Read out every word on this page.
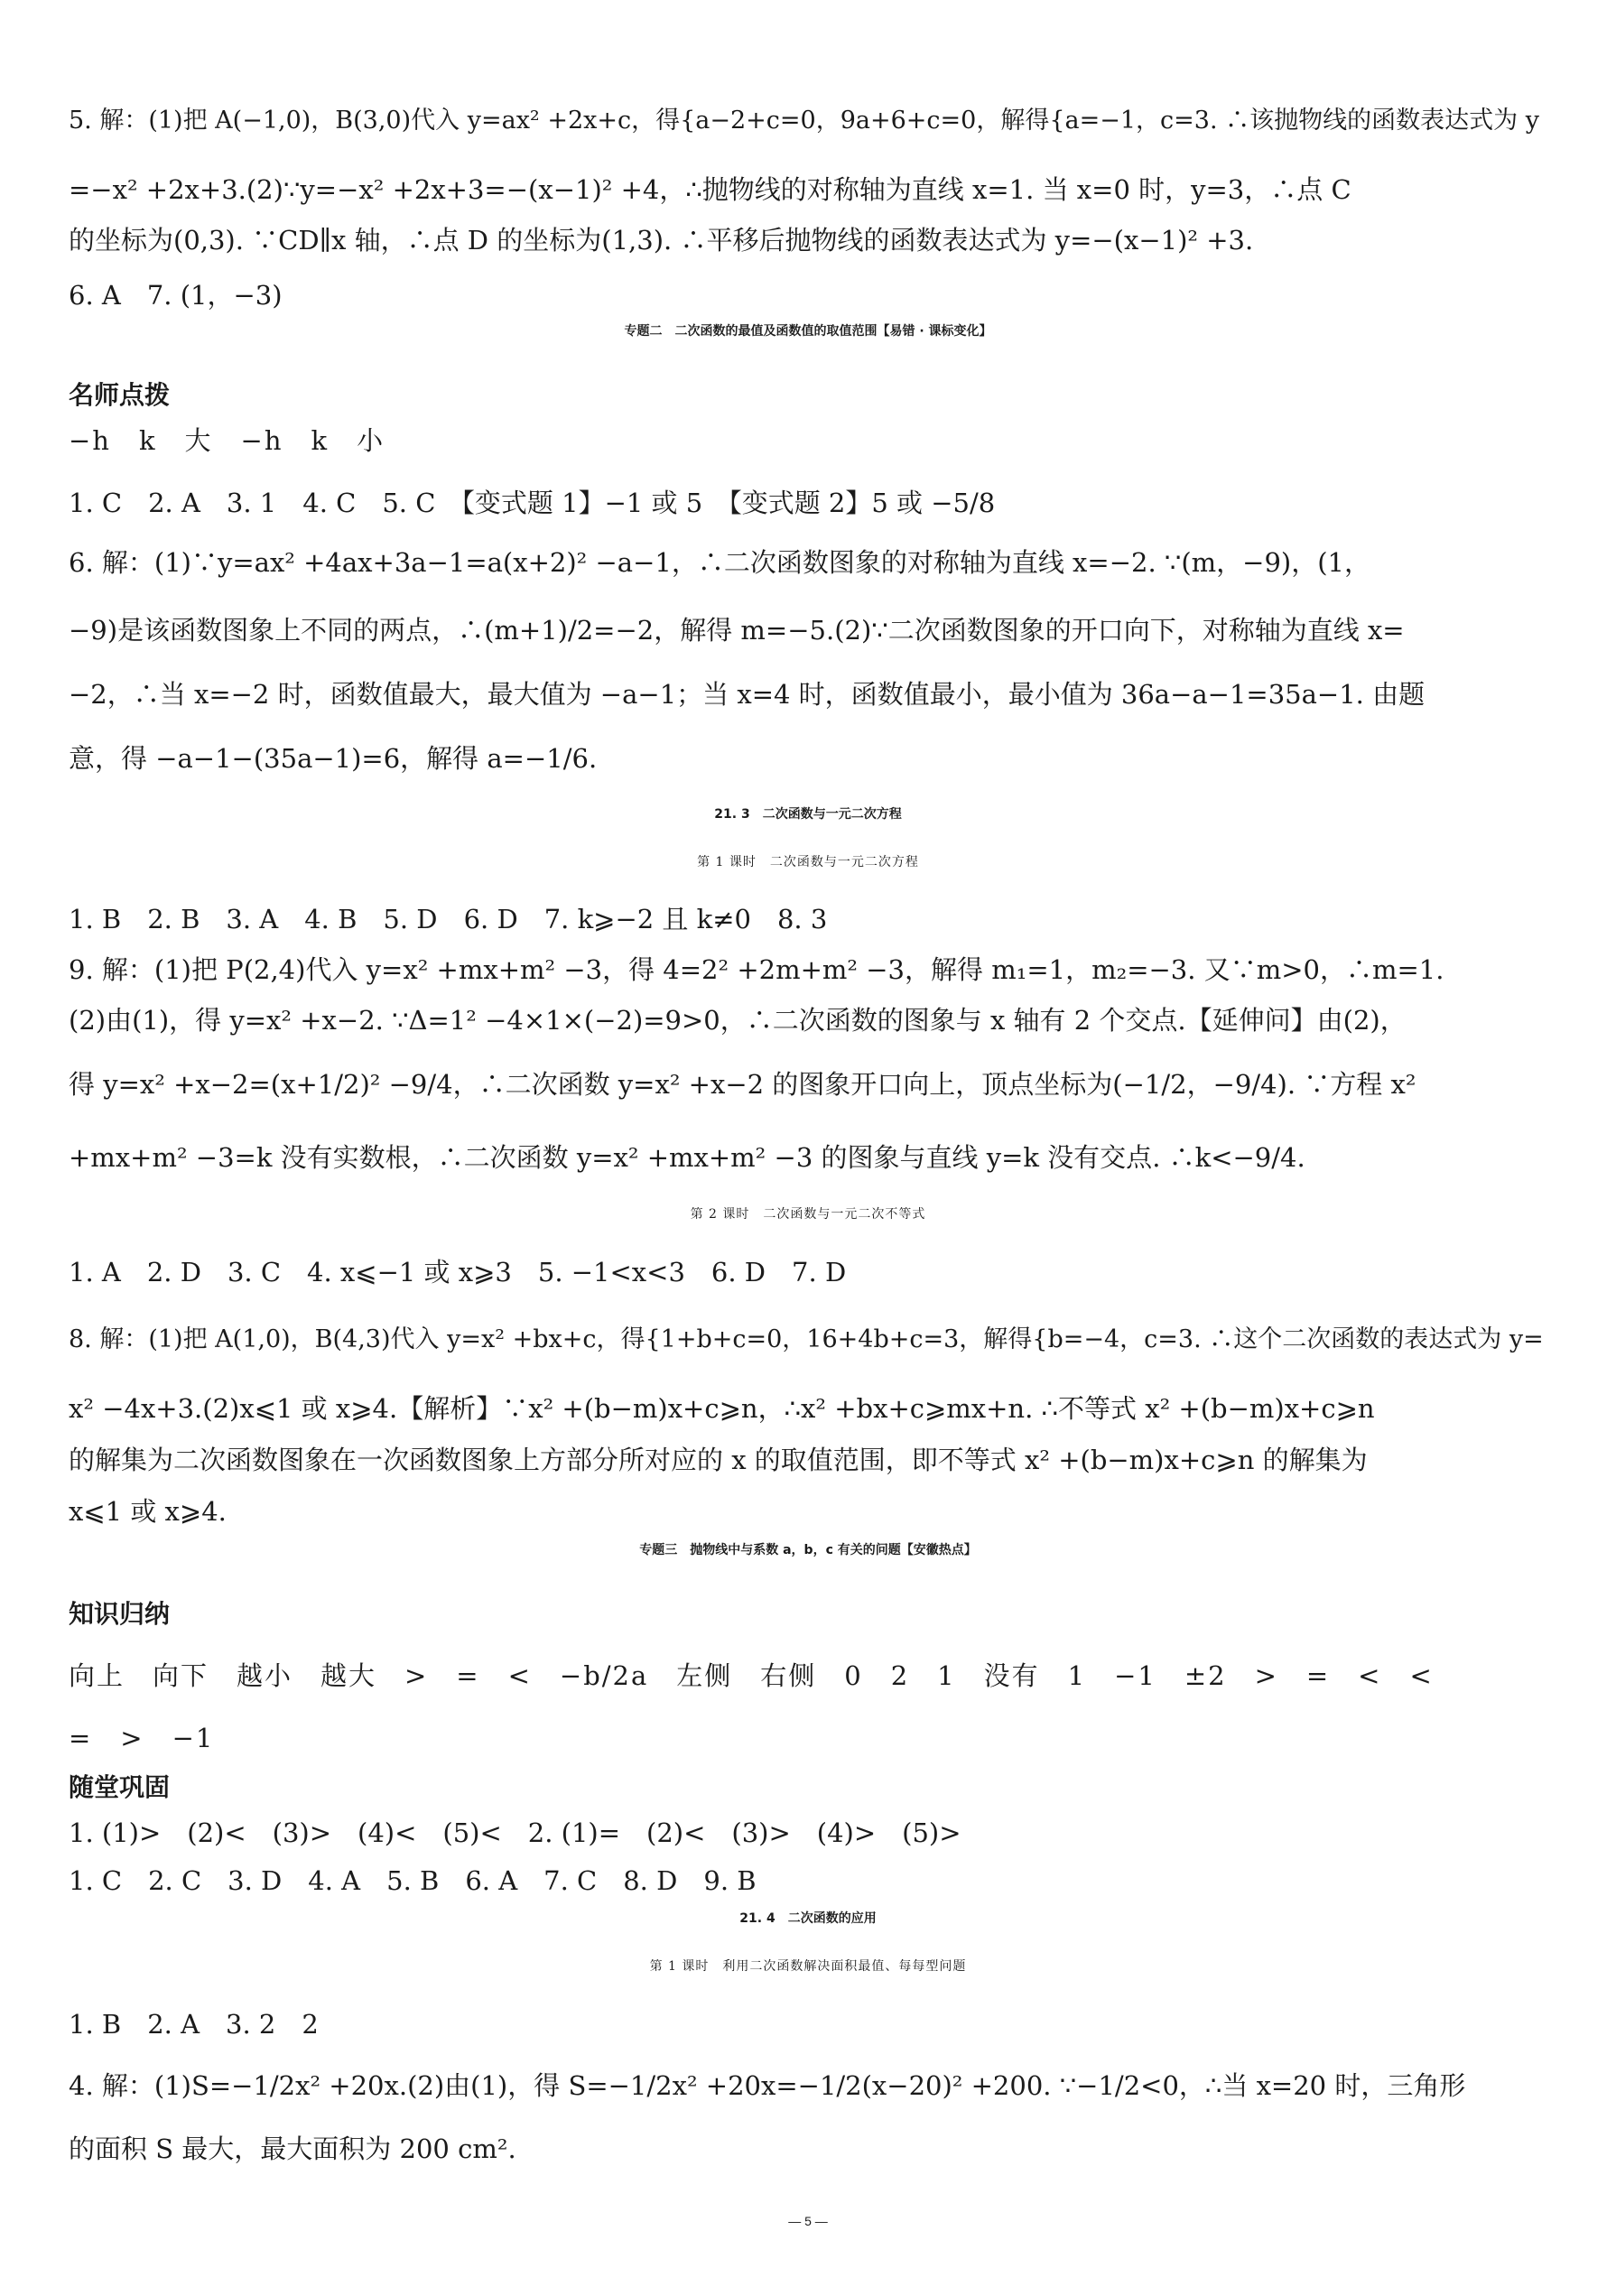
5. 解：(1)把 A(−1,0)，B(3,0)代入 y=ax² +2x+c，得{a−2+c=0，9a+6+c=0，解得{a=−1，c=3. ∴该抛物线的函数表达式为 y
=−x² +2x+3.(2)∵y=−x² +2x+3=−(x−1)² +4，∴抛物线的对称轴为直线 x=1. 当 x=0 时，y=3，∴点 C
的坐标为(0,3). ∵CD∥x 轴，∴点 D 的坐标为(1,3). ∴平移后抛物线的函数表达式为 y=−(x−1)² +3.
6. A　7. (1，−3)
专题二　二次函数的最值及函数值的取值范围【易错 · 课标变化】
名师点拨
−h　k　大　−h　k　小
1. C　2. A　3. 1　4. C　5. C　【变式题 1】−1 或 5　【变式题 2】5 或 −5/8
6. 解：(1)∵y=ax² +4ax+3a−1=a(x+2)² −a−1，∴二次函数图象的对称轴为直线 x=−2. ∵(m，−9)，(1，
−9)是该函数图象上不同的两点，∴(m+1)/2=−2，解得 m=−5.(2)∵二次函数图象的开口向下，对称轴为直线 x=
−2，∴当 x=−2 时，函数值最大，最大值为 −a−1；当 x=4 时，函数值最小，最小值为 36a−a−1=35a−1. 由题
意，得 −a−1−(35a−1)=6，解得 a=−1/6.
21. 3　二次函数与一元二次方程
第 1 课时　二次函数与一元二次方程
1. B　2. B　3. A　4. B　5. D　6. D　7. k⩾−2 且 k≠0　8. 3
9. 解：(1)把 P(2,4)代入 y=x² +mx+m² −3，得 4=2² +2m+m² −3，解得 m₁=1，m₂=−3. 又∵m>0，∴m=1.
(2)由(1)，得 y=x² +x−2. ∵Δ=1² −4×1×(−2)=9>0，∴二次函数的图象与 x 轴有 2 个交点.【延伸问】由(2)，
得 y=x² +x−2=(x+1/2)² −9/4，∴二次函数 y=x² +x−2 的图象开口向上，顶点坐标为(−1/2，−9/4). ∵方程 x²
+mx+m² −3=k 没有实数根，∴二次函数 y=x² +mx+m² −3 的图象与直线 y=k 没有交点. ∴k<−9/4.
第 2 课时　二次函数与一元二次不等式
1. A　2. D　3. C　4. x⩽−1 或 x⩾3　5. −1<x<3　6. D　7. D
8. 解：(1)把 A(1,0)，B(4,3)代入 y=x² +bx+c，得{1+b+c=0，16+4b+c=3，解得{b=−4，c=3. ∴这个二次函数的表达式为 y=
x² −4x+3.(2)x⩽1 或 x⩾4.【解析】∵x² +(b−m)x+c⩾n，∴x² +bx+c⩾mx+n. ∴不等式 x² +(b−m)x+c⩾n
的解集为二次函数图象在一次函数图象上方部分所对应的 x 的取值范围，即不等式 x² +(b−m)x+c⩾n 的解集为
x⩽1 或 x⩾4.
专题三　抛物线中与系数 a，b，c 有关的问题【安徽热点】
知识归纳
向上　向下　越小　越大　>　=　<　−b/2a　左侧　右侧　0　2　1　没有　1　−1　±2　>　=　<　<
=　>　−1
随堂巩固
1. (1)>　(2)<　(3)>　(4)<　(5)<　2. (1)=　(2)<　(3)>　(4)>　(5)>
1. C　2. C　3. D　4. A　5. B　6. A　7. C　8. D　9. B
21. 4　二次函数的应用
第 1 课时　利用二次函数解决面积最值、每每型问题
1. B　2. A　3. 2　2
4. 解：(1)S=−1/2x² +20x.(2)由(1)，得 S=−1/2x² +20x=−1/2(x−20)² +200. ∵−1/2<0，∴当 x=20 时，三角形
的面积 S 最大，最大面积为 200 cm².
— 5 —
